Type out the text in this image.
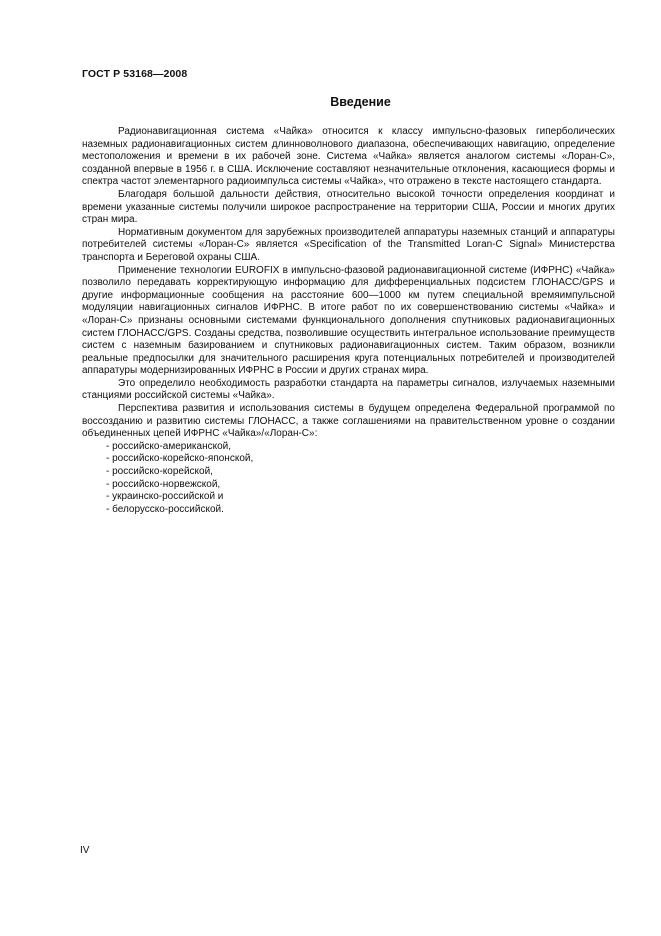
ГОСТ Р 53168—2008
Введение

Радионавигационная система «Чайка» относится к классу импульсно-фазовых гиперболических наземных радионавигационных систем длинноволнового диапазона, обеспечивающих навигацию, определение местоположения и времени в их рабочей зоне. Система «Чайка» является аналогом системы «Лоран-С», созданной впервые в 1956 г. в США. Исключение составляют незначительные отклонения, касающиеся формы и спектра частот элементарного радиоимпульса системы «Чайка», что отражено в тексте настоящего стандарта.

Благодаря большой дальности действия, относительно высокой точности определения координат и времени указанные системы получили широкое распространение на территории США, России и многих других стран мира.

Нормативным документом для зарубежных производителей аппаратуры наземных станций и аппаратуры потребителей системы «Лоран-С» является «Specification of the Transmitted Loran-C Signal» Министерства транспорта и Береговой охраны США.

Применение технологии EUROFIX в импульсно-фазовой радионавигационной системе (ИФРНС) «Чайка» позволило передавать корректирующую информацию для дифференциальных подсистем ГЛОНАСС/GPS и другие информационные сообщения на расстояние 600—1000 км путем специальной времяимпульсной модуляции навигационных сигналов ИФРНС. В итоге работ по их совершенствованию системы «Чайка» и «Лоран-С» признаны основными системами функционального дополнения спутниковых радионавигационных систем ГЛОНАСС/GPS. Созданы средства, позволившие осуществить интегральное использование преимуществ систем с наземным базированием и спутниковых радионавигационных систем. Таким образом, возникли реальные предпосылки для значительного расширения круга потенциальных потребителей и производителей аппаратуры модернизированных ИФРНС в России и других странах мира.

Это определило необходимость разработки стандарта на параметры сигналов, излучаемых наземными станциями российской системы «Чайка».

Перспектива развития и использования системы в будущем определена Федеральной программой по воссозданию и развитию системы ГЛОНАСС, а также соглашениями на правительственном уровне о создании объединенных цепей ИФРНС «Чайка»/«Лоран-С»:

- российско-американской,
- российско-корейско-японской,
- российско-корейской,
- российско-норвежской,
- украинско-российской и
- белорусско-российской.
IV
